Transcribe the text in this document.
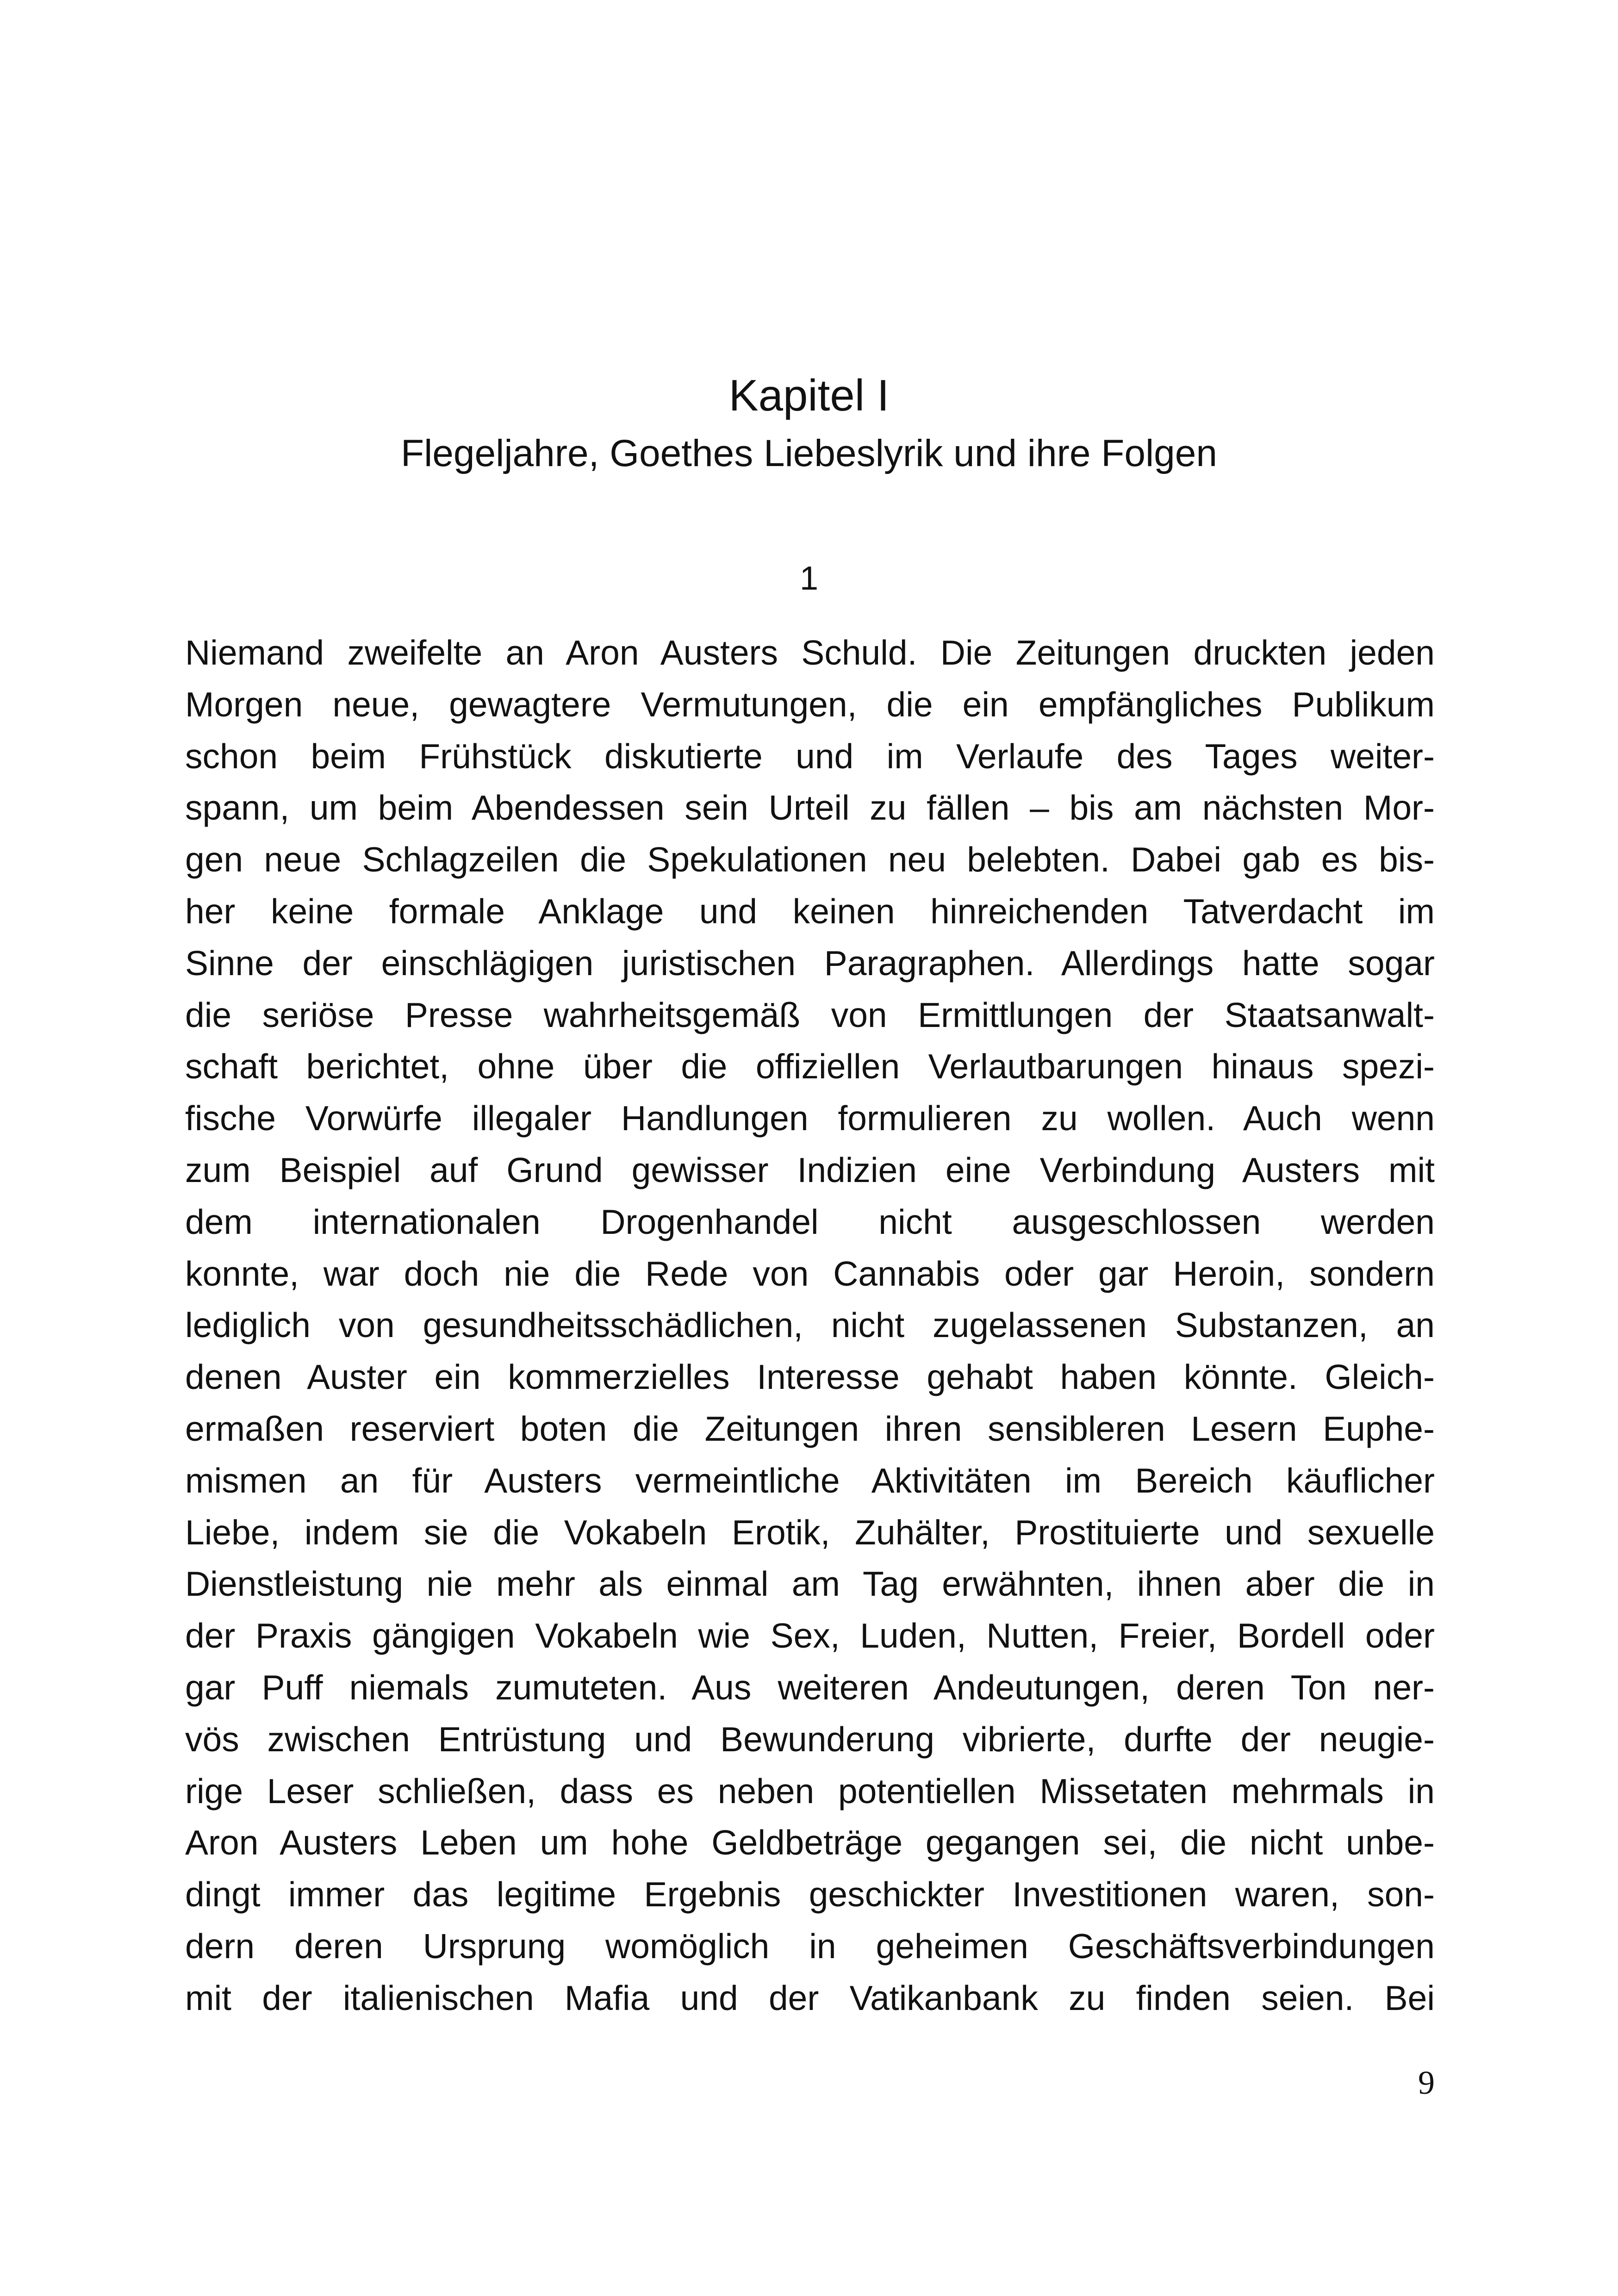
Kapitel I
Flegeljahre, Goethes Liebeslyrik und ihre Folgen
1
Niemand zweifelte an Aron Austers Schuld. Die Zeitungen druckten jeden
Morgen neue, gewagtere Vermutungen, die ein empfängliches Publikum
schon beim Frühstück diskutierte und im Verlaufe des Tages weiter-
spann, um beim Abendessen sein Urteil zu fällen – bis am nächsten Mor-
gen neue Schlagzeilen die Spekulationen neu belebten. Dabei gab es bis-
her keine formale Anklage und keinen hinreichenden Tatverdacht im
Sinne der einschlägigen juristischen Paragraphen. Allerdings hatte sogar
die seriöse Presse wahrheitsgemäß von Ermittlungen der Staatsanwalt-
schaft berichtet, ohne über die offiziellen Verlautbarungen hinaus spezi-
fische Vorwürfe illegaler Handlungen formulieren zu wollen. Auch wenn
zum Beispiel auf Grund gewisser Indizien eine Verbindung Austers mit
dem internationalen Drogenhandel nicht ausgeschlossen werden
konnte, war doch nie die Rede von Cannabis oder gar Heroin, sondern
lediglich von gesundheitsschädlichen, nicht zugelassenen Substanzen, an
denen Auster ein kommerzielles Interesse gehabt haben könnte. Gleich-
ermaßen reserviert boten die Zeitungen ihren sensibleren Lesern Euphe-
mismen an für Austers vermeintliche Aktivitäten im Bereich käuflicher
Liebe, indem sie die Vokabeln Erotik, Zuhälter, Prostituierte und sexuelle
Dienstleistung nie mehr als einmal am Tag erwähnten, ihnen aber die in
der Praxis gängigen Vokabeln wie Sex, Luden, Nutten, Freier, Bordell oder
gar Puff niemals zumuteten. Aus weiteren Andeutungen, deren Ton ner-
vös zwischen Entrüstung und Bewunderung vibrierte, durfte der neugie-
rige Leser schließen, dass es neben potentiellen Missetaten mehrmals in
Aron Austers Leben um hohe Geldbeträge gegangen sei, die nicht unbe-
dingt immer das legitime Ergebnis geschickter Investitionen waren, son-
dern deren Ursprung womöglich in geheimen Geschäftsverbindungen
mit der italienischen Mafia und der Vatikanbank zu finden seien. Bei
9
